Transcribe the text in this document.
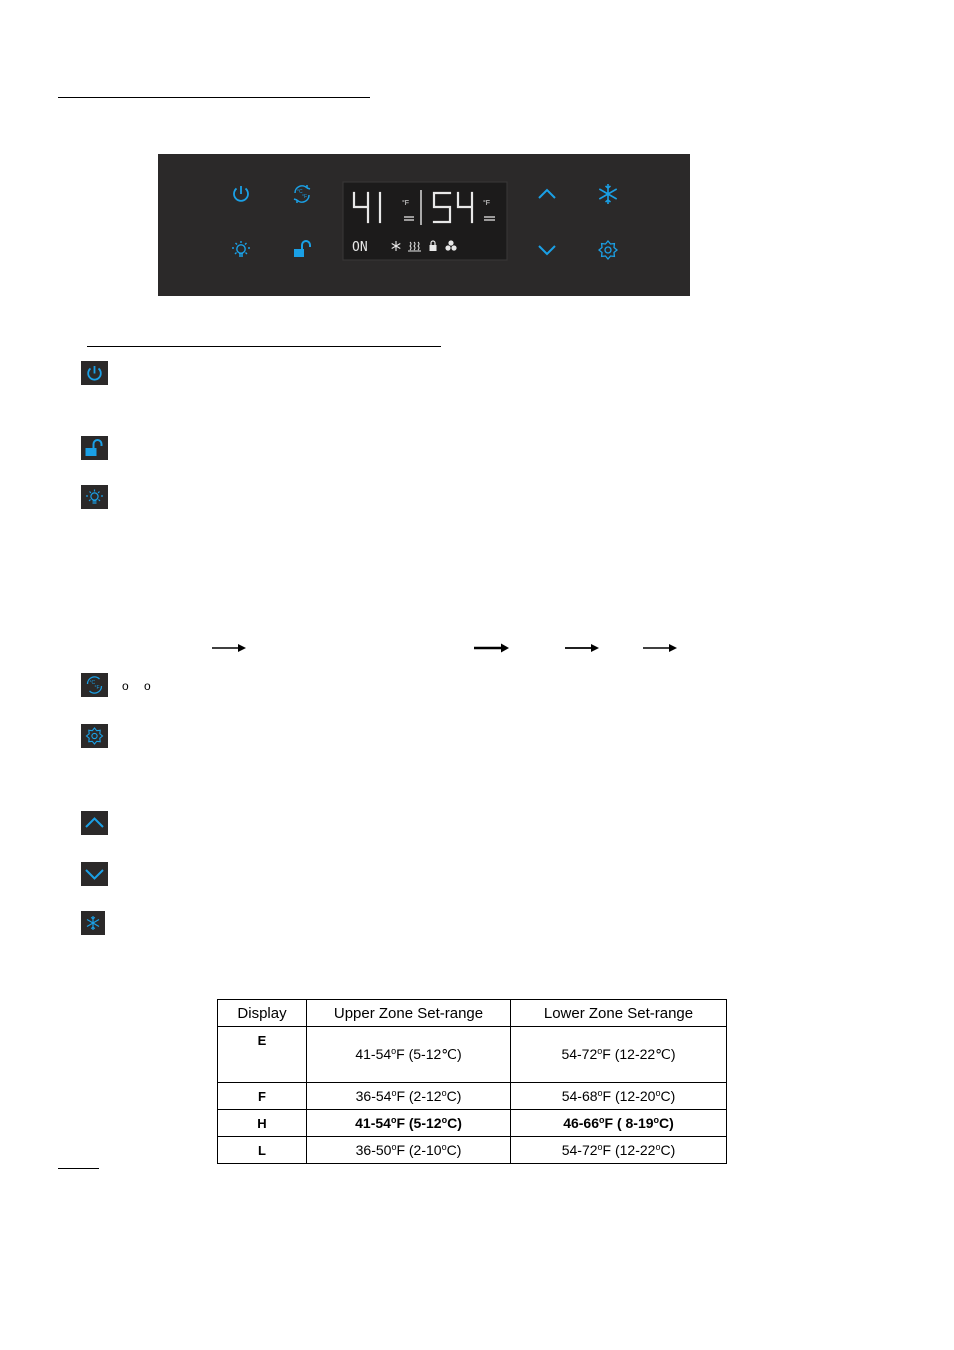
°F	°F
ON
°C
°F
°C
°F o o
Display	Upper Zone Set-range	Lower Zone Set-range
E	41-54$^o$F (5-12℃)	54-72$^o$F (12-22℃)
F	36-54$^o$F (2-12$^o$C)	54-68$^o$F (12-20$^o$C)
H	41-54$^o$F (5-12$^o$C)	46-66$^o$F ( 8-19$^o$C)
L	36-50$^o$F (2-10$^o$C)	54-72$^o$F (12-22$^o$C)
